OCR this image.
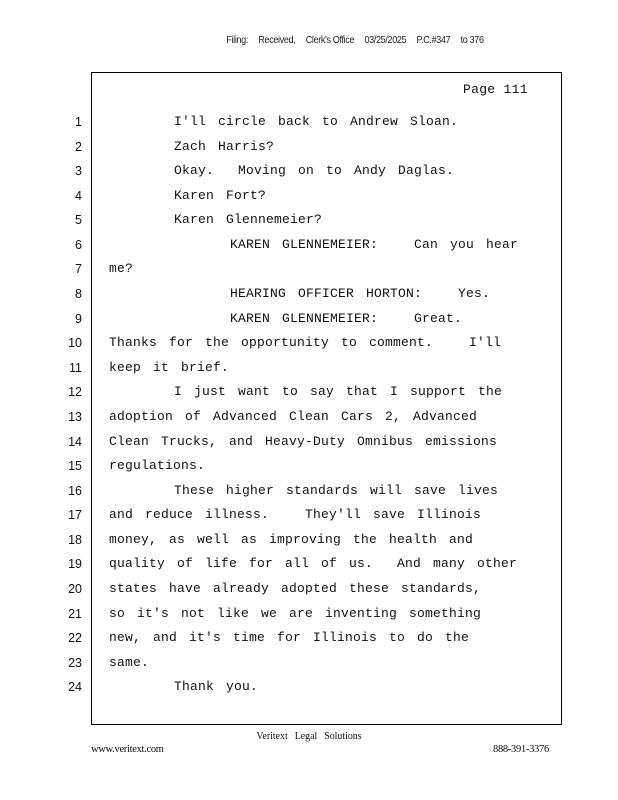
Filing: Received, Clerk's Office 03/25/2025 P.C.#347 to 376

Page 111
1	I'll circle back to Andrew Sloan.
2	Zach Harris?
3	Okay.  Moving on to Andy Daglas.
4	Karen Fort?
5	Karen Glennemeier?
6	KAREN GLENNEMEIER:   Can you hear
7 me?
8	HEARING OFFICER HORTON:   Yes.
9	KAREN GLENNEMEIER:   Great.
10 Thanks for the opportunity to comment.   I'll
11 keep it brief.
12	I just want to say that I support the
13 adoption of Advanced Clean Cars 2, Advanced
14 Clean Trucks, and Heavy-Duty Omnibus emissions
15 regulations.
16	These higher standards will save lives
17 and reduce illness.   They'll save Illinois
18 money, as well as improving the health and
19 quality of life for all of us.  And many other
20 states have already adopted these standards,
21 so it's not like we are inventing something
22 new, and it's time for Illinois to do the
23 same.
24	Thank you.
Veritext Legal Solutions
www.veritext.com	888-391-3376
